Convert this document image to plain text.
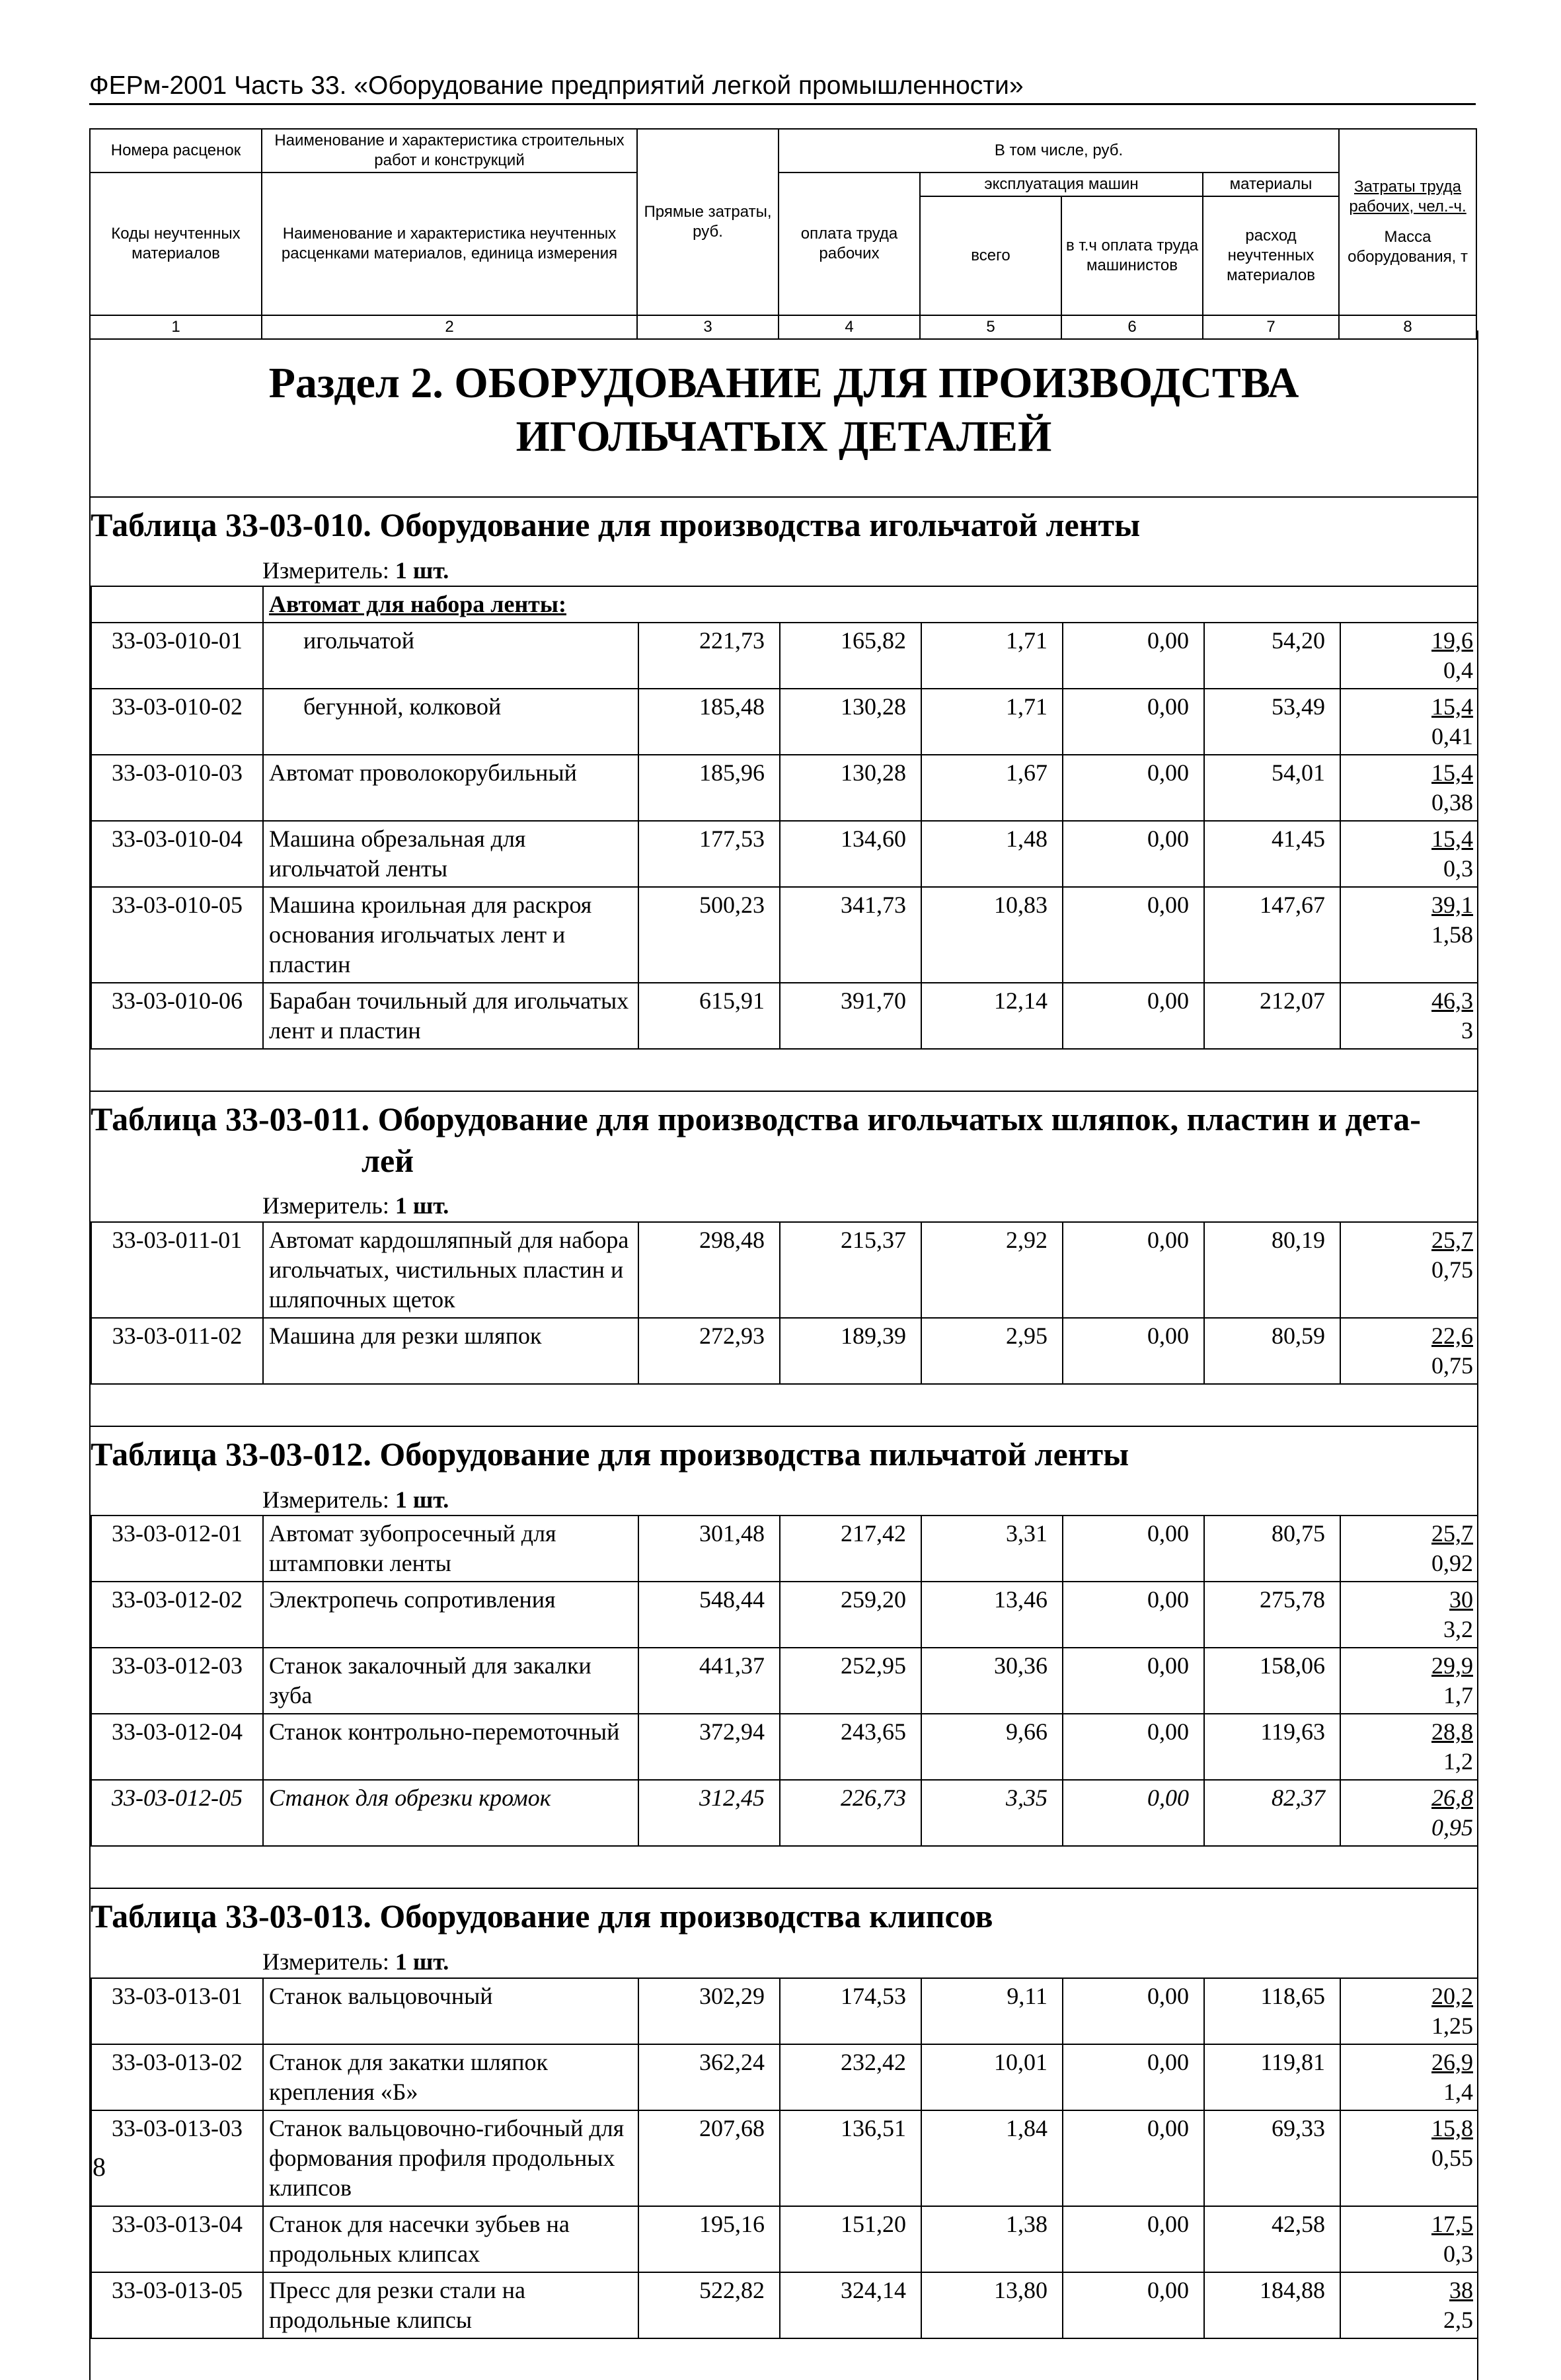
ФЕРм-2001 Часть 33. «Оборудование предприятий легкой промышленности»
Номера расценок	Наименование и характеристика строительных работ и конструкций	Прямые затраты, руб.	В том числе, руб.				Затраты труда рабочих, чел.-ч.
Масса оборудования, т

Коды неучтенных материалов	Наименование и характеристика неучтенных расценками материалов, единица измерения		оплата труда рабочих	эксплуатация машин		материалы	
				всего	в т.ч оплата труда машинистов	расход неучтенных материалов	
1	2	3	4	5	6	7	8
Раздел 2. ОБОРУДОВАНИЕ ДЛЯ ПРОИЗВОДСТВА ИГОЛЬЧАТЫХ ДЕТАЛЕЙ
Таблица 33-03-010. Оборудование для производства игольчатой ленты
Измеритель: 1 шт.
	Автомат для набора ленты:						
33-03-010-01	игольчатой	221,73	165,82	1,71	0,00	54,20	19,6
0,4

33-03-010-02	бегунной, колковой	185,48	130,28	1,71	0,00	53,49	15,4
0,41

33-03-010-03	Автомат проволокорубильный	185,96	130,28	1,67	0,00	54,01	15,4
0,38

33-03-010-04	Машина обрезальная для игольчатой ленты	177,53	134,60	1,48	0,00	41,45	15,4
0,3

33-03-010-05	Машина кроильная для раскроя основания игольчатых лент и пластин	500,23	341,73	10,83	0,00	147,67	39,1
1,58

33-03-010-06	Барабан точильный для игольчатых лент и пластин	615,91	391,70	12,14	0,00	212,07	46,3
3
Таблица 33-03-011. Оборудование для производства игольчатых шляпок, пластин и дета-
лей
Измеритель: 1 шт.
33-03-011-01	Автомат кардошляпный для набора игольчатых, чистильных пластин и шляпочных щеток	298,48	215,37	2,92	0,00	80,19	25,7
0,75

33-03-011-02	Машина для резки шляпок	272,93	189,39	2,95	0,00	80,59	22,6
0,75
Таблица 33-03-012. Оборудование для производства пильчатой ленты
Измеритель: 1 шт.
33-03-012-01	Автомат зубопросечный для штамповки ленты	301,48	217,42	3,31	0,00	80,75	25,7
0,92

33-03-012-02	Электропечь сопротивления	548,44	259,20	13,46	0,00	275,78	30
3,2

33-03-012-03	Станок закалочный для закалки зуба	441,37	252,95	30,36	0,00	158,06	29,9
1,7

33-03-012-04	Станок контрольно-перемоточный	372,94	243,65	9,66	0,00	119,63	28,8
1,2

33-03-012-05	Станок для обрезки кромок	312,45	226,73	3,35	0,00	82,37	26,8
0,95
Таблица 33-03-013. Оборудование для производства клипсов
Измеритель: 1 шт.
33-03-013-01	Станок вальцовочный	302,29	174,53	9,11	0,00	118,65	20,2
1,25

33-03-013-02	Станок для закатки шляпок крепления «Б»	362,24	232,42	10,01	0,00	119,81	26,9
1,4

33-03-013-03	Станок вальцовочно-гибочный для формования профиля продольных клипсов	207,68	136,51	1,84	0,00	69,33	15,8
0,55

33-03-013-04	Станок для насечки зубьев на продольных клипсах	195,16	151,20	1,38	0,00	42,58	17,5
0,3

33-03-013-05	Пресс для резки стали на продольные клипсы	522,82	324,14	13,80	0,00	184,88	38
2,5
8
